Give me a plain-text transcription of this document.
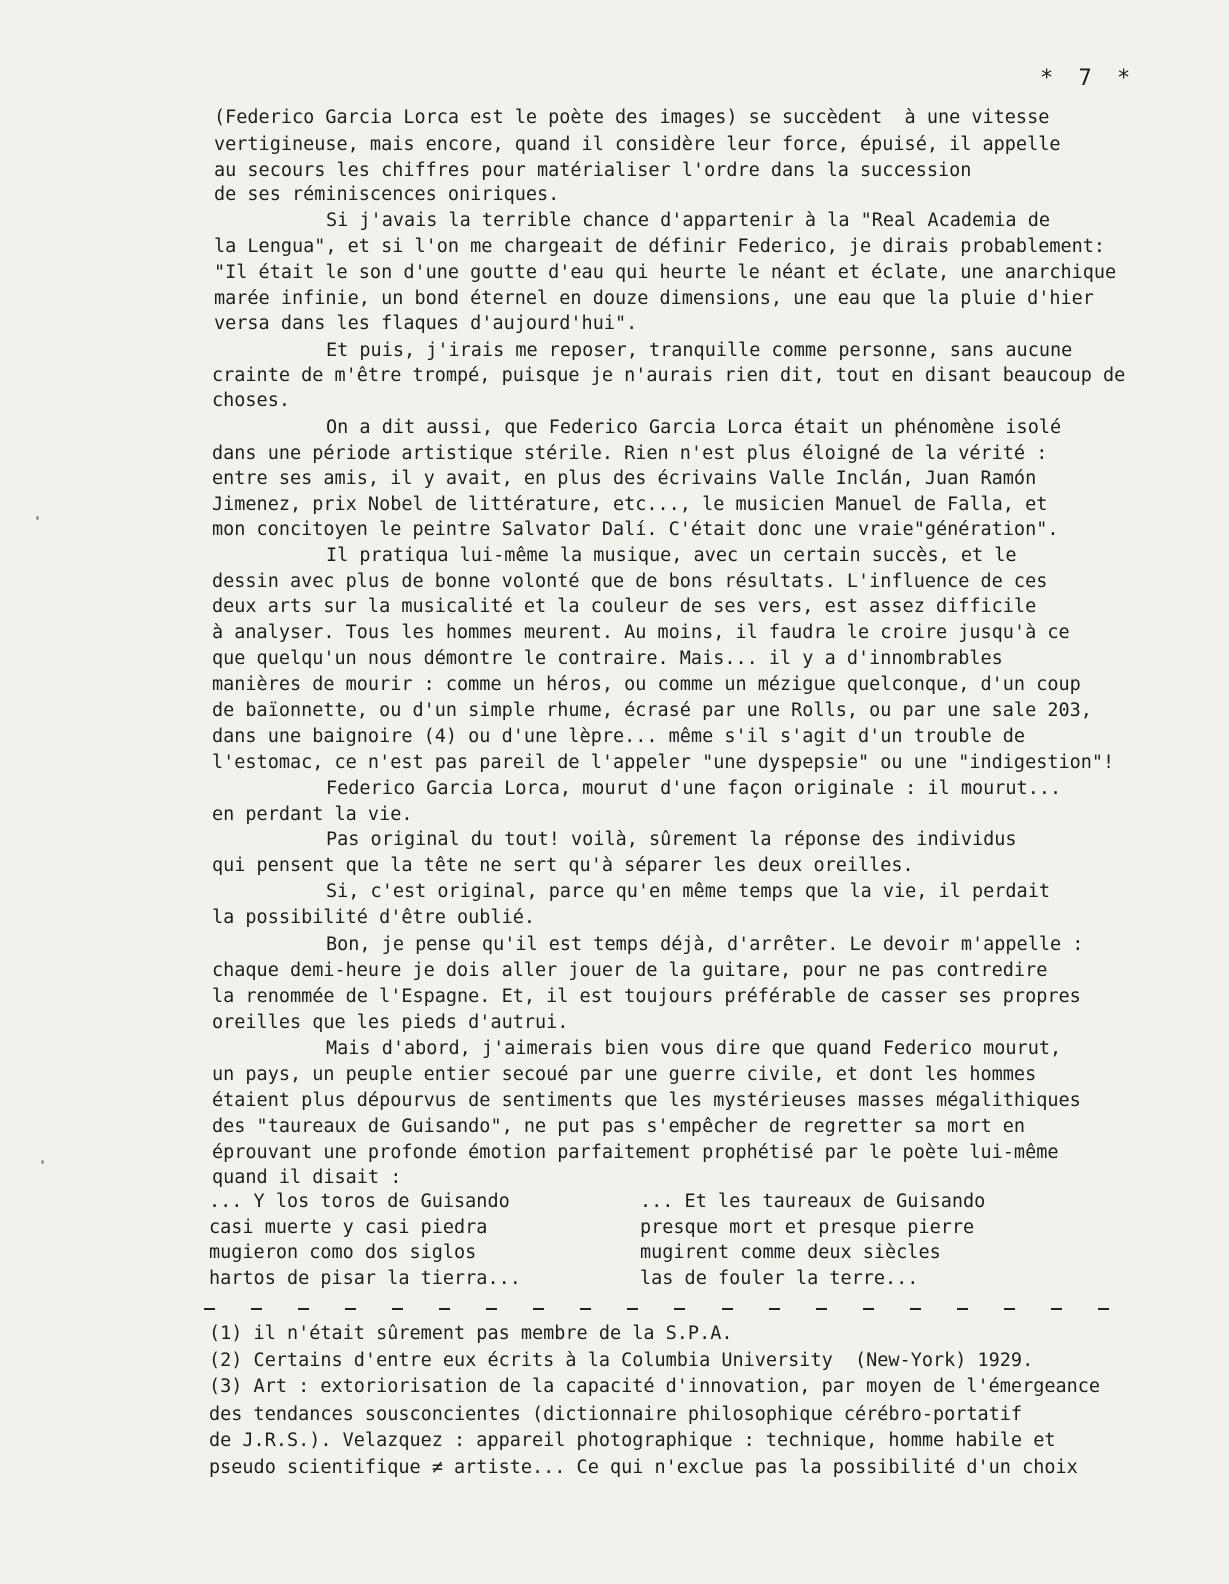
* 7 *
(Federico Garcia Lorca est le poète des images) se succèdent  à une vitesse
vertigineuse, mais encore, quand il considère leur force, épuisé, il appelle
au secours les chiffres pour matérialiser l'ordre dans la succession
de ses réminiscences oniriques.
Si j'avais la terrible chance d'appartenir à la "Real Academia de
la Lengua", et si l'on me chargeait de définir Federico, je dirais probablement:
"Il était le son d'une goutte d'eau qui heurte le néant et éclate, une anarchique
marée infinie, un bond éternel en douze dimensions, une eau que la pluie d'hier
versa dans les flaques d'aujourd'hui".
Et puis, j'irais me reposer, tranquille comme personne, sans aucune
crainte de m'être trompé, puisque je n'aurais rien dit, tout en disant beaucoup de
choses.
On a dit aussi, que Federico Garcia Lorca était un phénomène isolé
dans une période artistique stérile. Rien n'est plus éloigné de la vérité :
entre ses amis, il y avait, en plus des écrivains Valle Inclán, Juan Ramón
Jimenez, prix Nobel de littérature, etc..., le musicien Manuel de Falla, et
mon concitoyen le peintre Salvator Dalí. C'était donc une vraie"génération".
Il pratiqua lui-même la musique, avec un certain succès, et le
dessin avec plus de bonne volonté que de bons résultats. L'influence de ces
deux arts sur la musicalité et la couleur de ses vers, est assez difficile
à analyser. Tous les hommes meurent. Au moins, il faudra le croire jusqu'à ce
que quelqu'un nous démontre le contraire. Mais... il y a d'innombrables
manières de mourir : comme un héros, ou comme un mézigue quelconque, d'un coup
de baïonnette, ou d'un simple rhume, écrasé par une Rolls, ou par une sale 203,
dans une baignoire (4) ou d'une lèpre... même s'il s'agit d'un trouble de
l'estomac, ce n'est pas pareil de l'appeler "une dyspepsie" ou une "indigestion"!
Federico Garcia Lorca, mourut d'une façon originale : il mourut...
en perdant la vie.
Pas original du tout! voilà, sûrement la réponse des individus
qui pensent que la tête ne sert qu'à séparer les deux oreilles.
Si, c'est original, parce qu'en même temps que la vie, il perdait
la possibilité d'être oublié.
Bon, je pense qu'il est temps déjà, d'arrêter. Le devoir m'appelle :
chaque demi-heure je dois aller jouer de la guitare, pour ne pas contredire
la renommée de l'Espagne. Et, il est toujours préférable de casser ses propres
oreilles que les pieds d'autrui.
Mais d'abord, j'aimerais bien vous dire que quand Federico mourut,
un pays, un peuple entier secoué par une guerre civile, et dont les hommes
étaient plus dépourvus de sentiments que les mystérieuses masses mégalithiques
des "taureaux de Guisando", ne put pas s'empêcher de regretter sa mort en
éprouvant une profonde émotion parfaitement prophétisé par le poète lui-même
quand il disait :
... Y los toros de Guisando
casi muerte y casi piedra
mugieron como dos siglos
hartos de pisar la tierra...
... Et les taureaux de Guisando
presque mort et presque pierre
mugirent comme deux siècles
las de fouler la terre...
(1) il n'était sûrement pas membre de la S.P.A.
(2) Certains d'entre eux écrits à la Columbia University  (New-York) 1929.
(3) Art : extoriorisation de la capacité d'innovation, par moyen de l'émergeance
des tendances sousconcientes (dictionnaire philosophique cérébro-portatif
de J.R.S.). Velazquez : appareil photographique : technique, homme habile et
pseudo scientifique ≠ artiste... Ce qui n'exclue pas la possibilité d'un choix
